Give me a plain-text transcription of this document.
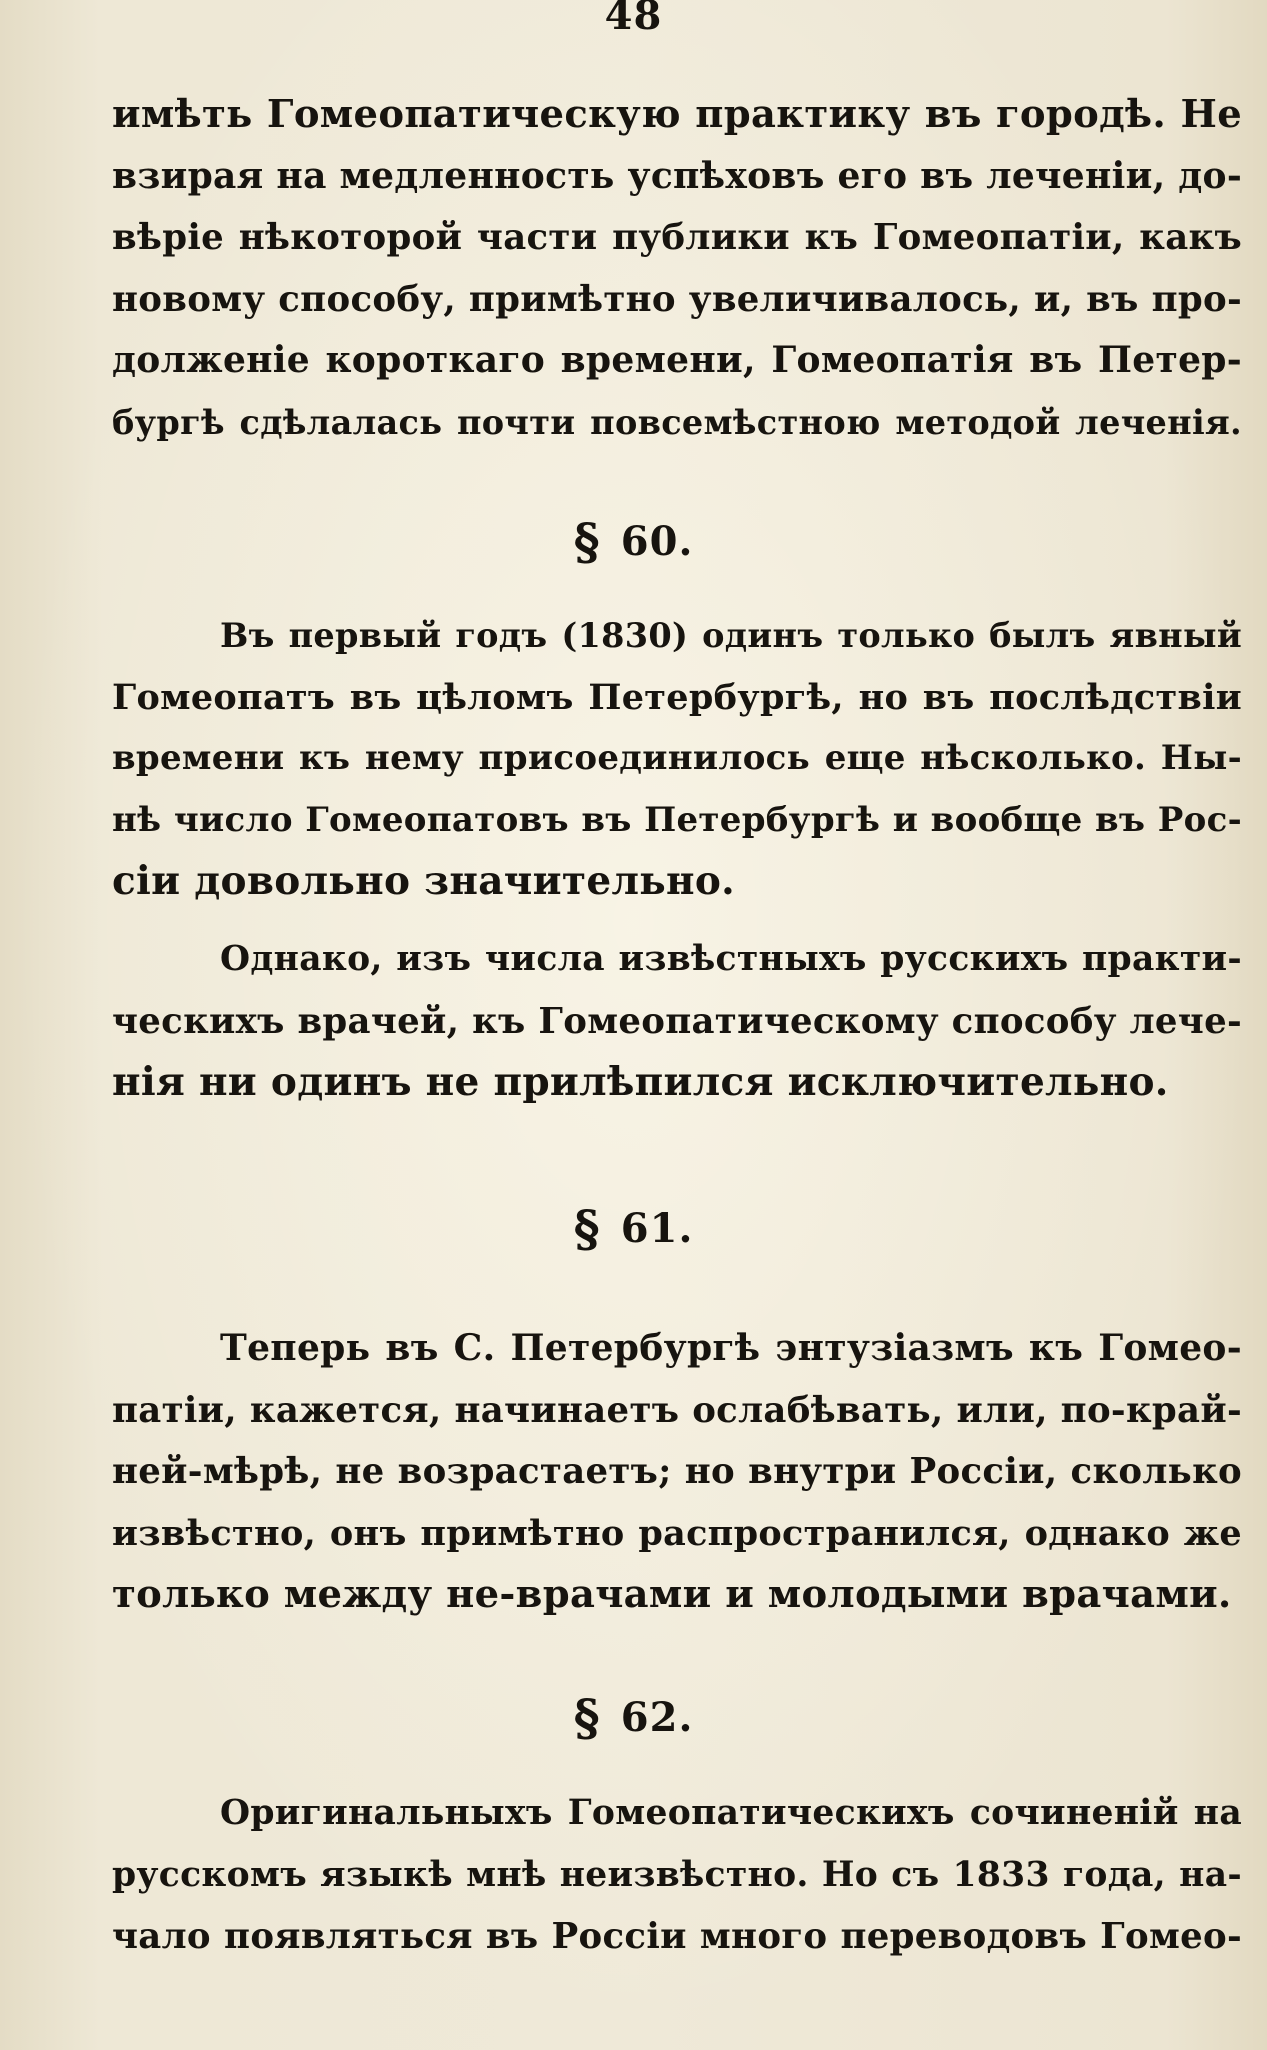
48
имѣть Гомеопатическую практику въ городѣ. Не
взирая на медленность успѣховъ его въ леченіи, до-
вѣріе нѣкоторой части публики къ Гомеопатіи, какъ
новому способу, примѣтно увеличивалось, и, въ про-
долженіе короткаго времени, Гомеопатія въ Петер-
бургѣ сдѣлалась почти повсемѣстною методой леченія.
§ 60.
Въ первый годъ (1830) одинъ только былъ явный
Гомеопатъ въ цѣломъ Петербургѣ, но въ послѣдствіи
времени къ нему присоединилось еще нѣсколько. Ны-
нѣ число Гомеопатовъ въ Петербургѣ и вообще въ Рос-
сіи довольно значительно.
Однако, изъ числа извѣстныхъ русскихъ практи-
ческихъ врачей, къ Гомеопатическому способу лече-
нія ни одинъ не прилѣпился исключительно.
§ 61.
Теперь въ С. Петербургѣ энтузіазмъ къ Гомео-
патіи, кажется, начинаетъ ослабѣвать, или, по-край-
ней-мѣрѣ, не возрастаетъ; но внутри Россіи, сколько
извѣстно, онъ примѣтно распространился, однако же
только между не-врачами и молодыми врачами.
§ 62.
Оригинальныхъ Гомеопатическихъ сочиненій на
русскомъ языкѣ мнѣ неизвѣстно. Но съ 1833 года, на-
чало появляться въ Россіи много переводовъ Гомео-
